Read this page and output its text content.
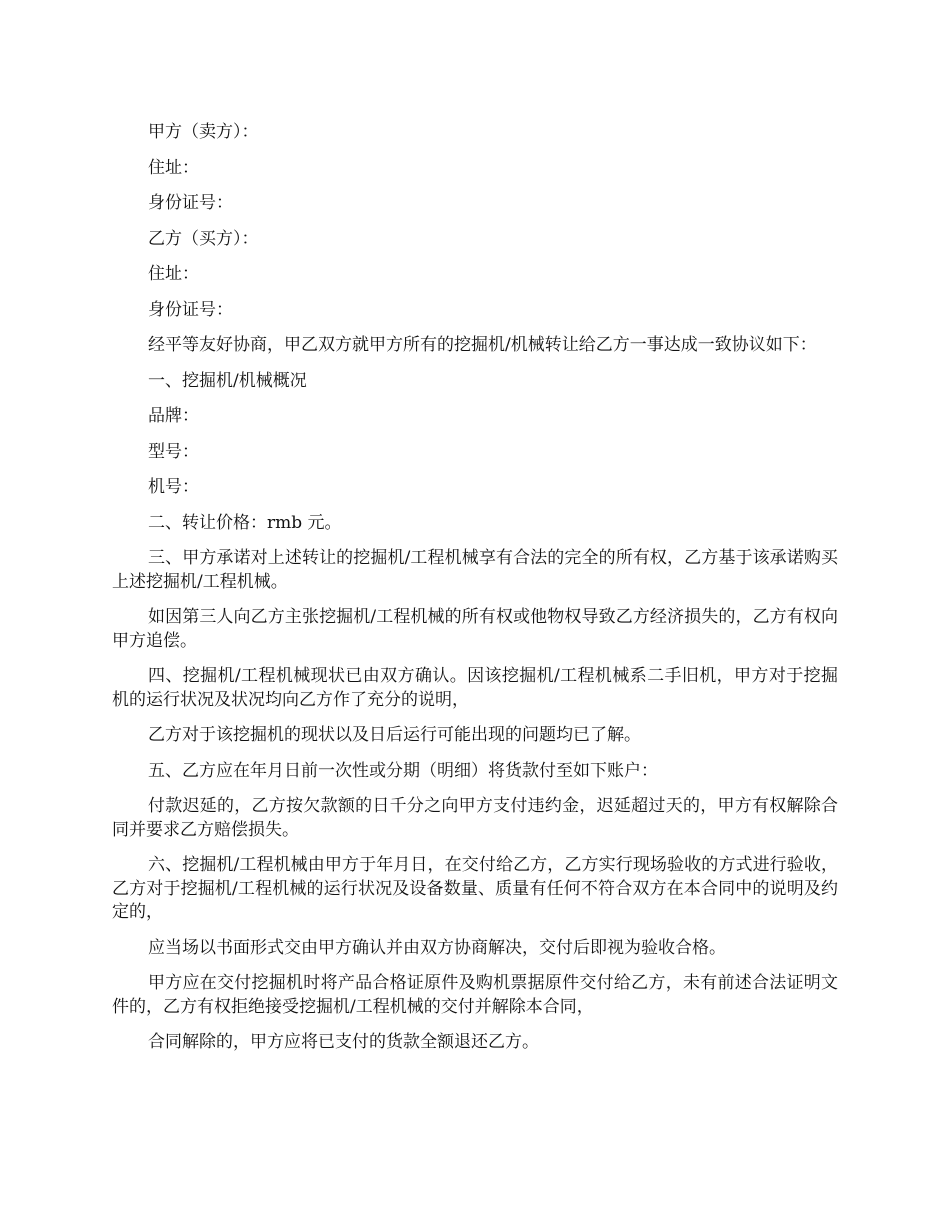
甲方（卖方）：

住址：

身份证号：

乙方（买方）：

住址：

身份证号：

经平等友好协商，甲乙双方就甲方所有的挖掘机/机械转让给乙方一事达成一致协议如下：

一、挖掘机/机械概况

品牌：

型号：

机号：

二、转让价格：rmb 元。

三、甲方承诺对上述转让的挖掘机/工程机械享有合法的完全的所有权，乙方基于该承诺购买上述挖掘机/工程机械。

如因第三人向乙方主张挖掘机/工程机械的所有权或他物权导致乙方经济损失的，乙方有权向甲方追偿。

四、挖掘机/工程机械现状已由双方确认。因该挖掘机/工程机械系二手旧机，甲方对于挖掘机的运行状况及状况均向乙方作了充分的说明，

乙方对于该挖掘机的现状以及日后运行可能出现的问题均已了解。

五、乙方应在年月日前一次性或分期（明细）将货款付至如下账户：

付款迟延的，乙方按欠款额的日千分之向甲方支付违约金，迟延超过天的，甲方有权解除合同并要求乙方赔偿损失。

六、挖掘机/工程机械由甲方于年月日，在交付给乙方，乙方实行现场验收的方式进行验收，乙方对于挖掘机/工程机械的运行状况及设备数量、质量有任何不符合双方在本合同中的说明及约定的，

应当场以书面形式交由甲方确认并由双方协商解决，交付后即视为验收合格。

甲方应在交付挖掘机时将产品合格证原件及购机票据原件交付给乙方，未有前述合法证明文件的，乙方有权拒绝接受挖掘机/工程机械的交付并解除本合同，

合同解除的，甲方应将已支付的货款全额退还乙方。
